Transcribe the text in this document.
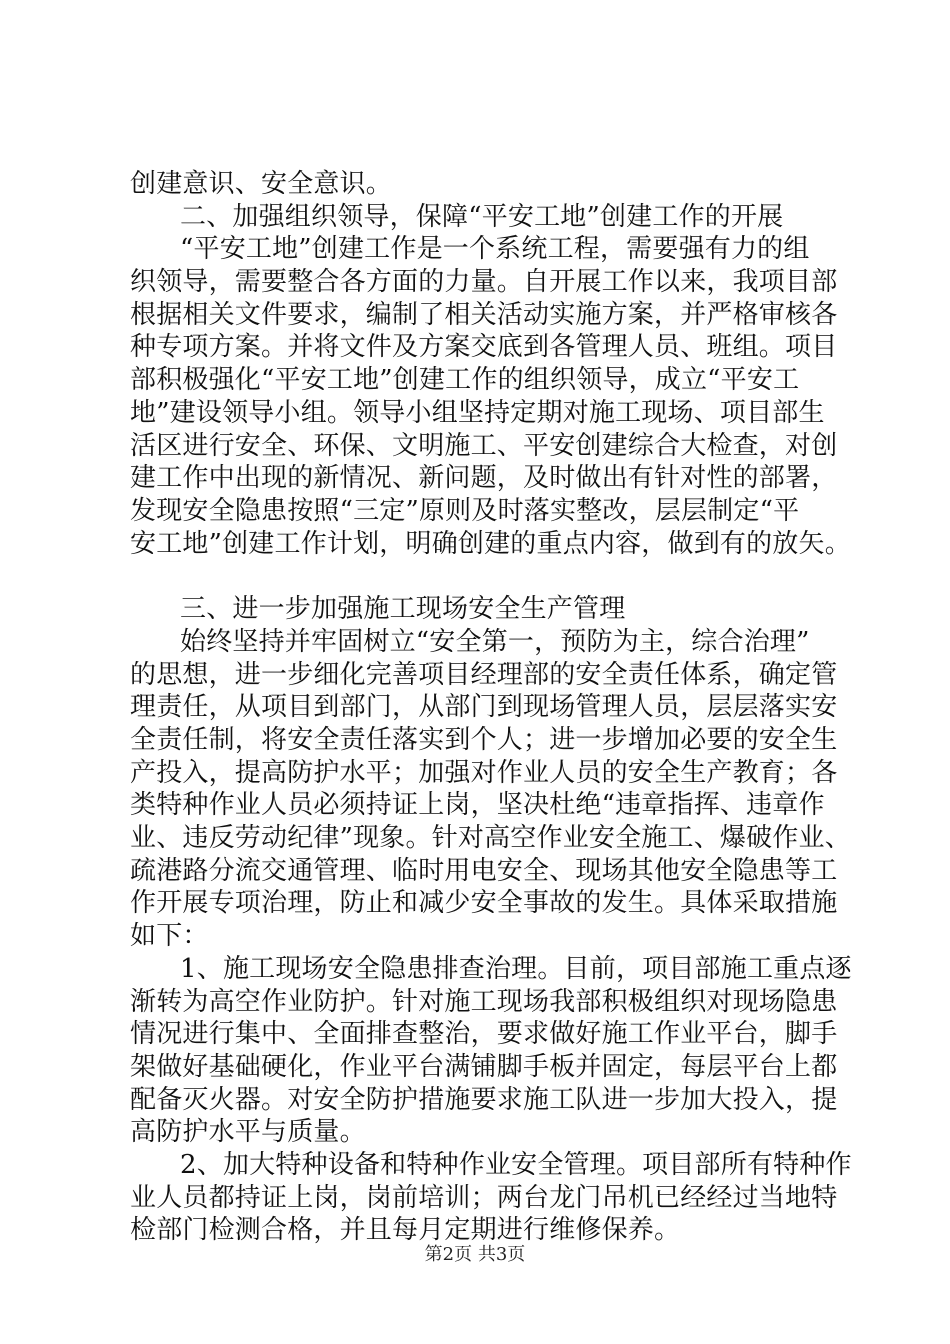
创建意识、安全意识。
二、加强组织领导，保障“平安工地”创建工作的开展
“平安工地”创建工作是一个系统工程，需要强有力的组
织领导，需要整合各方面的力量。自开展工作以来，我项目部
根据相关文件要求，编制了相关活动实施方案，并严格审核各
种专项方案。并将文件及方案交底到各管理人员、班组。项目
部积极强化“平安工地”创建工作的组织领导，成立“平安工
地”建设领导小组。领导小组坚持定期对施工现场、项目部生
活区进行安全、环保、文明施工、平安创建综合大检查，对创
建工作中出现的新情况、新问题，及时做出有针对性的部署，
发现安全隐患按照“三定”原则及时落实整改，层层制定“平
安工地”创建工作计划，明确创建的重点内容，做到有的放矢。
三、进一步加强施工现场安全生产管理
始终坚持并牢固树立“安全第一，预防为主，综合治理”
的思想，进一步细化完善项目经理部的安全责任体系，确定管
理责任，从项目到部门，从部门到现场管理人员，层层落实安
全责任制，将安全责任落实到个人；进一步增加必要的安全生
产投入，提高防护水平；加强对作业人员的安全生产教育；各
类特种作业人员必须持证上岗，坚决杜绝“违章指挥、违章作
业、违反劳动纪律”现象。针对高空作业安全施工、爆破作业、
疏港路分流交通管理、临时用电安全、现场其他安全隐患等工
作开展专项治理，防止和减少安全事故的发生。具体采取措施
如下：
1、施工现场安全隐患排查治理。目前，项目部施工重点逐
渐转为高空作业防护。针对施工现场我部积极组织对现场隐患
情况进行集中、全面排查整治，要求做好施工作业平台，脚手
架做好基础硬化，作业平台满铺脚手板并固定，每层平台上都
配备灭火器。对安全防护措施要求施工队进一步加大投入，提
高防护水平与质量。
2、加大特种设备和特种作业安全管理。项目部所有特种作
业人员都持证上岗，岗前培训；两台龙门吊机已经经过当地特
检部门检测合格，并且每月定期进行维修保养。
第2页 共3页
